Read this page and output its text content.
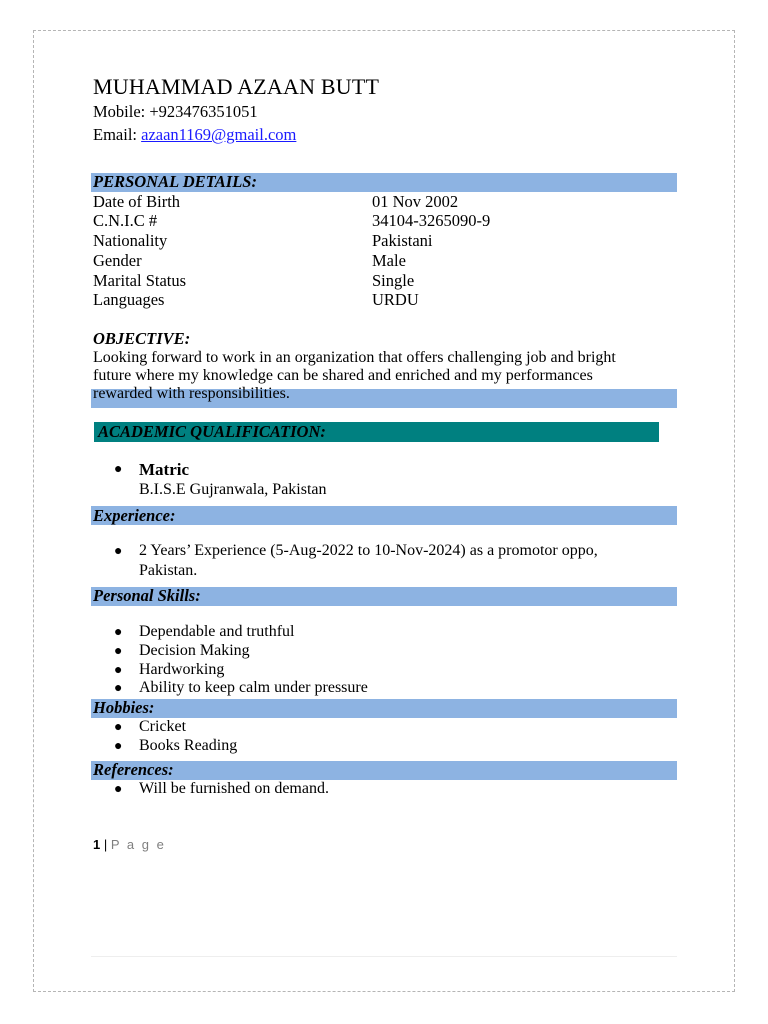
MUHAMMAD AZAAN BUTT
Mobile: +923476351051
Email: azaan1169@gmail.com
PERSONAL DETAILS:
Date of Birth	01 Nov 2002
C.N.I.C #	34104-3265090-9
Nationality	Pakistani
Gender	Male
Marital Status	Single
Languages	URDU
OBJECTIVE:
Looking forward to work in an organization that offers challenging job and bright
future where my knowledge can be shared and enriched and my performances
rewarded with responsibilities.
ACADEMIC QUALIFICATION:
● Matric
B.I.S.E Gujranwala, Pakistan
Experience:
● 2 Years’ Experience (5-Aug-2022 to 10-Nov-2024) as a promotor oppo,
Pakistan.
Personal Skills:
● Dependable and truthful
● Decision Making
● Hardworking
● Ability to keep calm under pressure
Hobbies:
● Cricket
● Books Reading
References:
● Will be furnished on demand.
1 | P a g e
